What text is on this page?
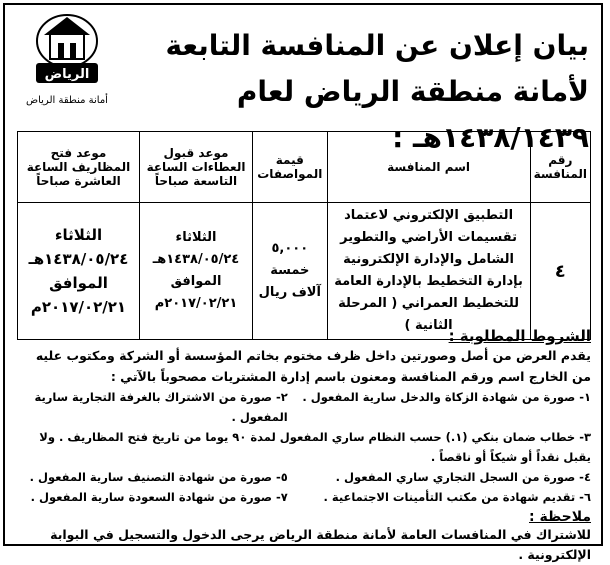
بيان إعلان عن المنافسة التابعة لأمانة منطقة الرياض لعام ١٤٣٨/١٤٣٩هـ :
الرياض
أمانة منطقة الرياض
رقم المنافسة	اسم المنافسة	قيمة المواصفات	موعد قبول العطاءات الساعة التاسعة صباحاً	موعد فتح المظاريف الساعة العاشرة صباحاً
٤	التطبيق الإلكتروني لاعتماد تقسيمات الأراضي والتطوير الشامل والإدارة الإلكترونية بإدارة التخطيط بالإدارة العامة للتخطيط العمراني ( المرحلة الثانية )	٥,٠٠٠ خمسة آلاف ريال	الثلاثاء ١٤٣٨/٠٥/٢٤هـ الموافق ٢٠١٧/٠٢/٢١م	الثلاثاء ١٤٣٨/٠٥/٢٤هـ الموافق ٢٠١٧/٠٢/٢١م
الشروط المطلوبة :
يقدم العرض من أصل وصورتين داخل ظرف مختوم بخاتم المؤسسة أو الشركة ومكتوب عليه من الخارج اسم ورقم المنافسة ومعنون باسم إدارة المشتريات مصحوباً بالآتي :
١- صورة من شهادة الزكاة والدخل سارية المفعول .
٢- صورة من الاشتراك بالغرفة التجارية سارية المفعول .
٣- خطاب ضمان بنكي (١.) حسب النظام ساري المفعول لمدة ٩٠ يوما من تاريخ فتح المظاريف . ولا يقبل نقداً أو شيكاً أو ناقصاً .
٤- صورة من السجل التجاري ساري المفعول .
٥- صورة من شهادة التصنيف سارية المفعول .
٦- تقديم شهادة من مكتب التأمينات الاجتماعية .
٧- صورة من شهادة السعودة سارية المفعول .
ملاحظة :
للاشتراك في المنافسات العامة لأمانة منطقة الرياض يرجى الدخول والتسجيل في البوابة الإلكترونية .
